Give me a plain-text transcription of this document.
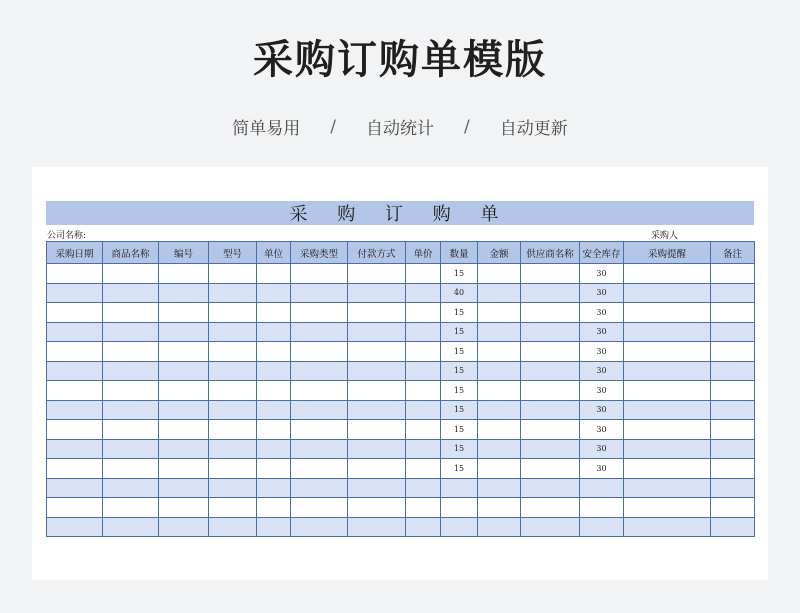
采购订购单模版
简单易用 / 自动统计 / 自动更新
采 购 订 购 单
公司名称:	采购人
采购日期	商品名称	编号	型号	单位	采购类型	付款方式	单价	数量	金额	供应商名称	安全库存	采购提醒	备注
								15			30		
								40			30		
								15			30		
								15			30		
								15			30		
								15			30		
								15			30		
								15			30		
								15			30		
								15			30		
								15			30		
